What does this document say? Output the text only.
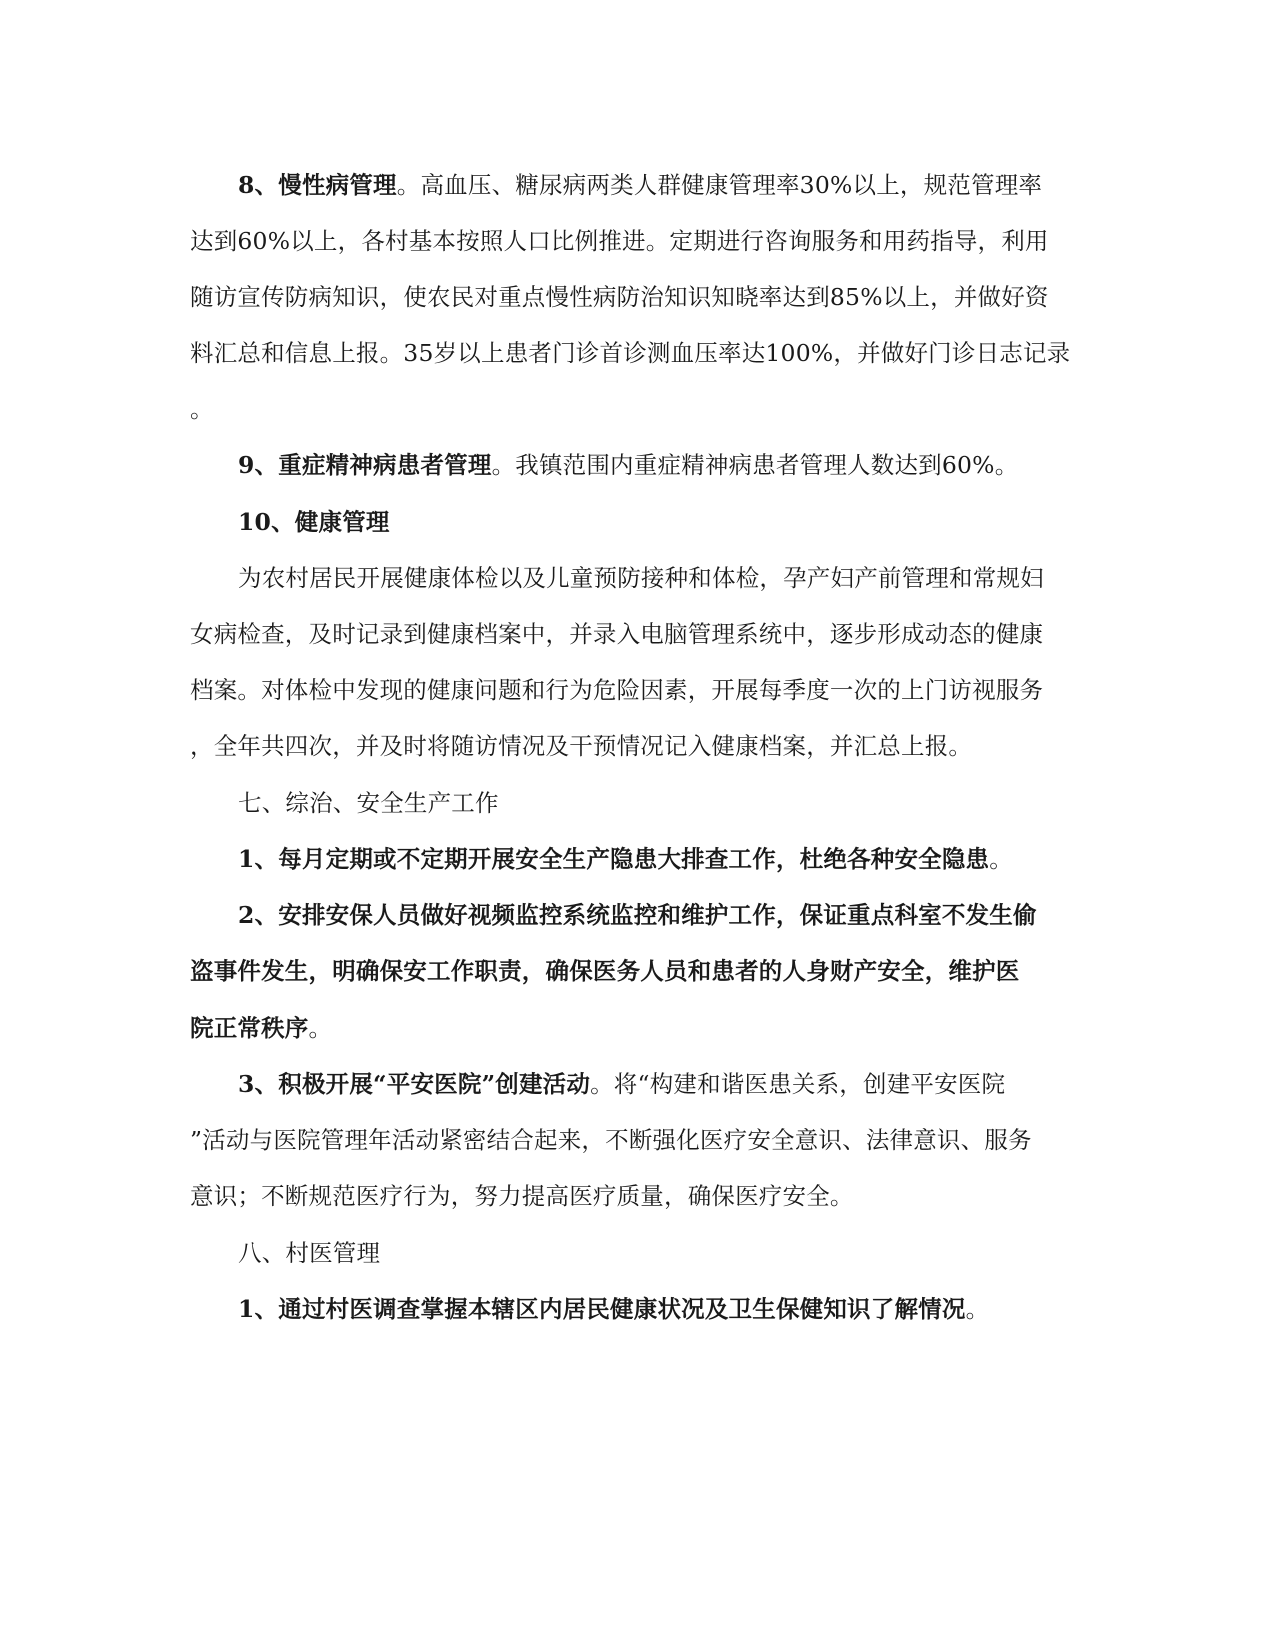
8、慢性病管理。高血压、糖尿病两类人群健康管理率30%以上，规范管理率
达到60%以上，各村基本按照人口比例推进。定期进行咨询服务和用药指导，利用
随访宣传防病知识，使农民对重点慢性病防治知识知晓率达到85%以上，并做好资
料汇总和信息上报。35岁以上患者门诊首诊测血压率达100%，并做好门诊日志记录
。
9、重症精神病患者管理。我镇范围内重症精神病患者管理人数达到60%。
10、健康管理
为农村居民开展健康体检以及儿童预防接种和体检，孕产妇产前管理和常规妇
女病检查，及时记录到健康档案中，并录入电脑管理系统中，逐步形成动态的健康
档案。对体检中发现的健康问题和行为危险因素，开展每季度一次的上门访视服务
，全年共四次，并及时将随访情况及干预情况记入健康档案，并汇总上报。
七、综治、安全生产工作
1、每月定期或不定期开展安全生产隐患大排查工作，杜绝各种安全隐患。
2、安排安保人员做好视频监控系统监控和维护工作，保证重点科室不发生偷
盗事件发生，明确保安工作职责，确保医务人员和患者的人身财产安全，维护医
院正常秩序。
3、积极开展“平安医院”创建活动。将“构建和谐医患关系，创建平安医院
”活动与医院管理年活动紧密结合起来，不断强化医疗安全意识、法律意识、服务
意识；不断规范医疗行为，努力提高医疗质量，确保医疗安全。
八、村医管理
1、通过村医调查掌握本辖区内居民健康状况及卫生保健知识了解情况。
